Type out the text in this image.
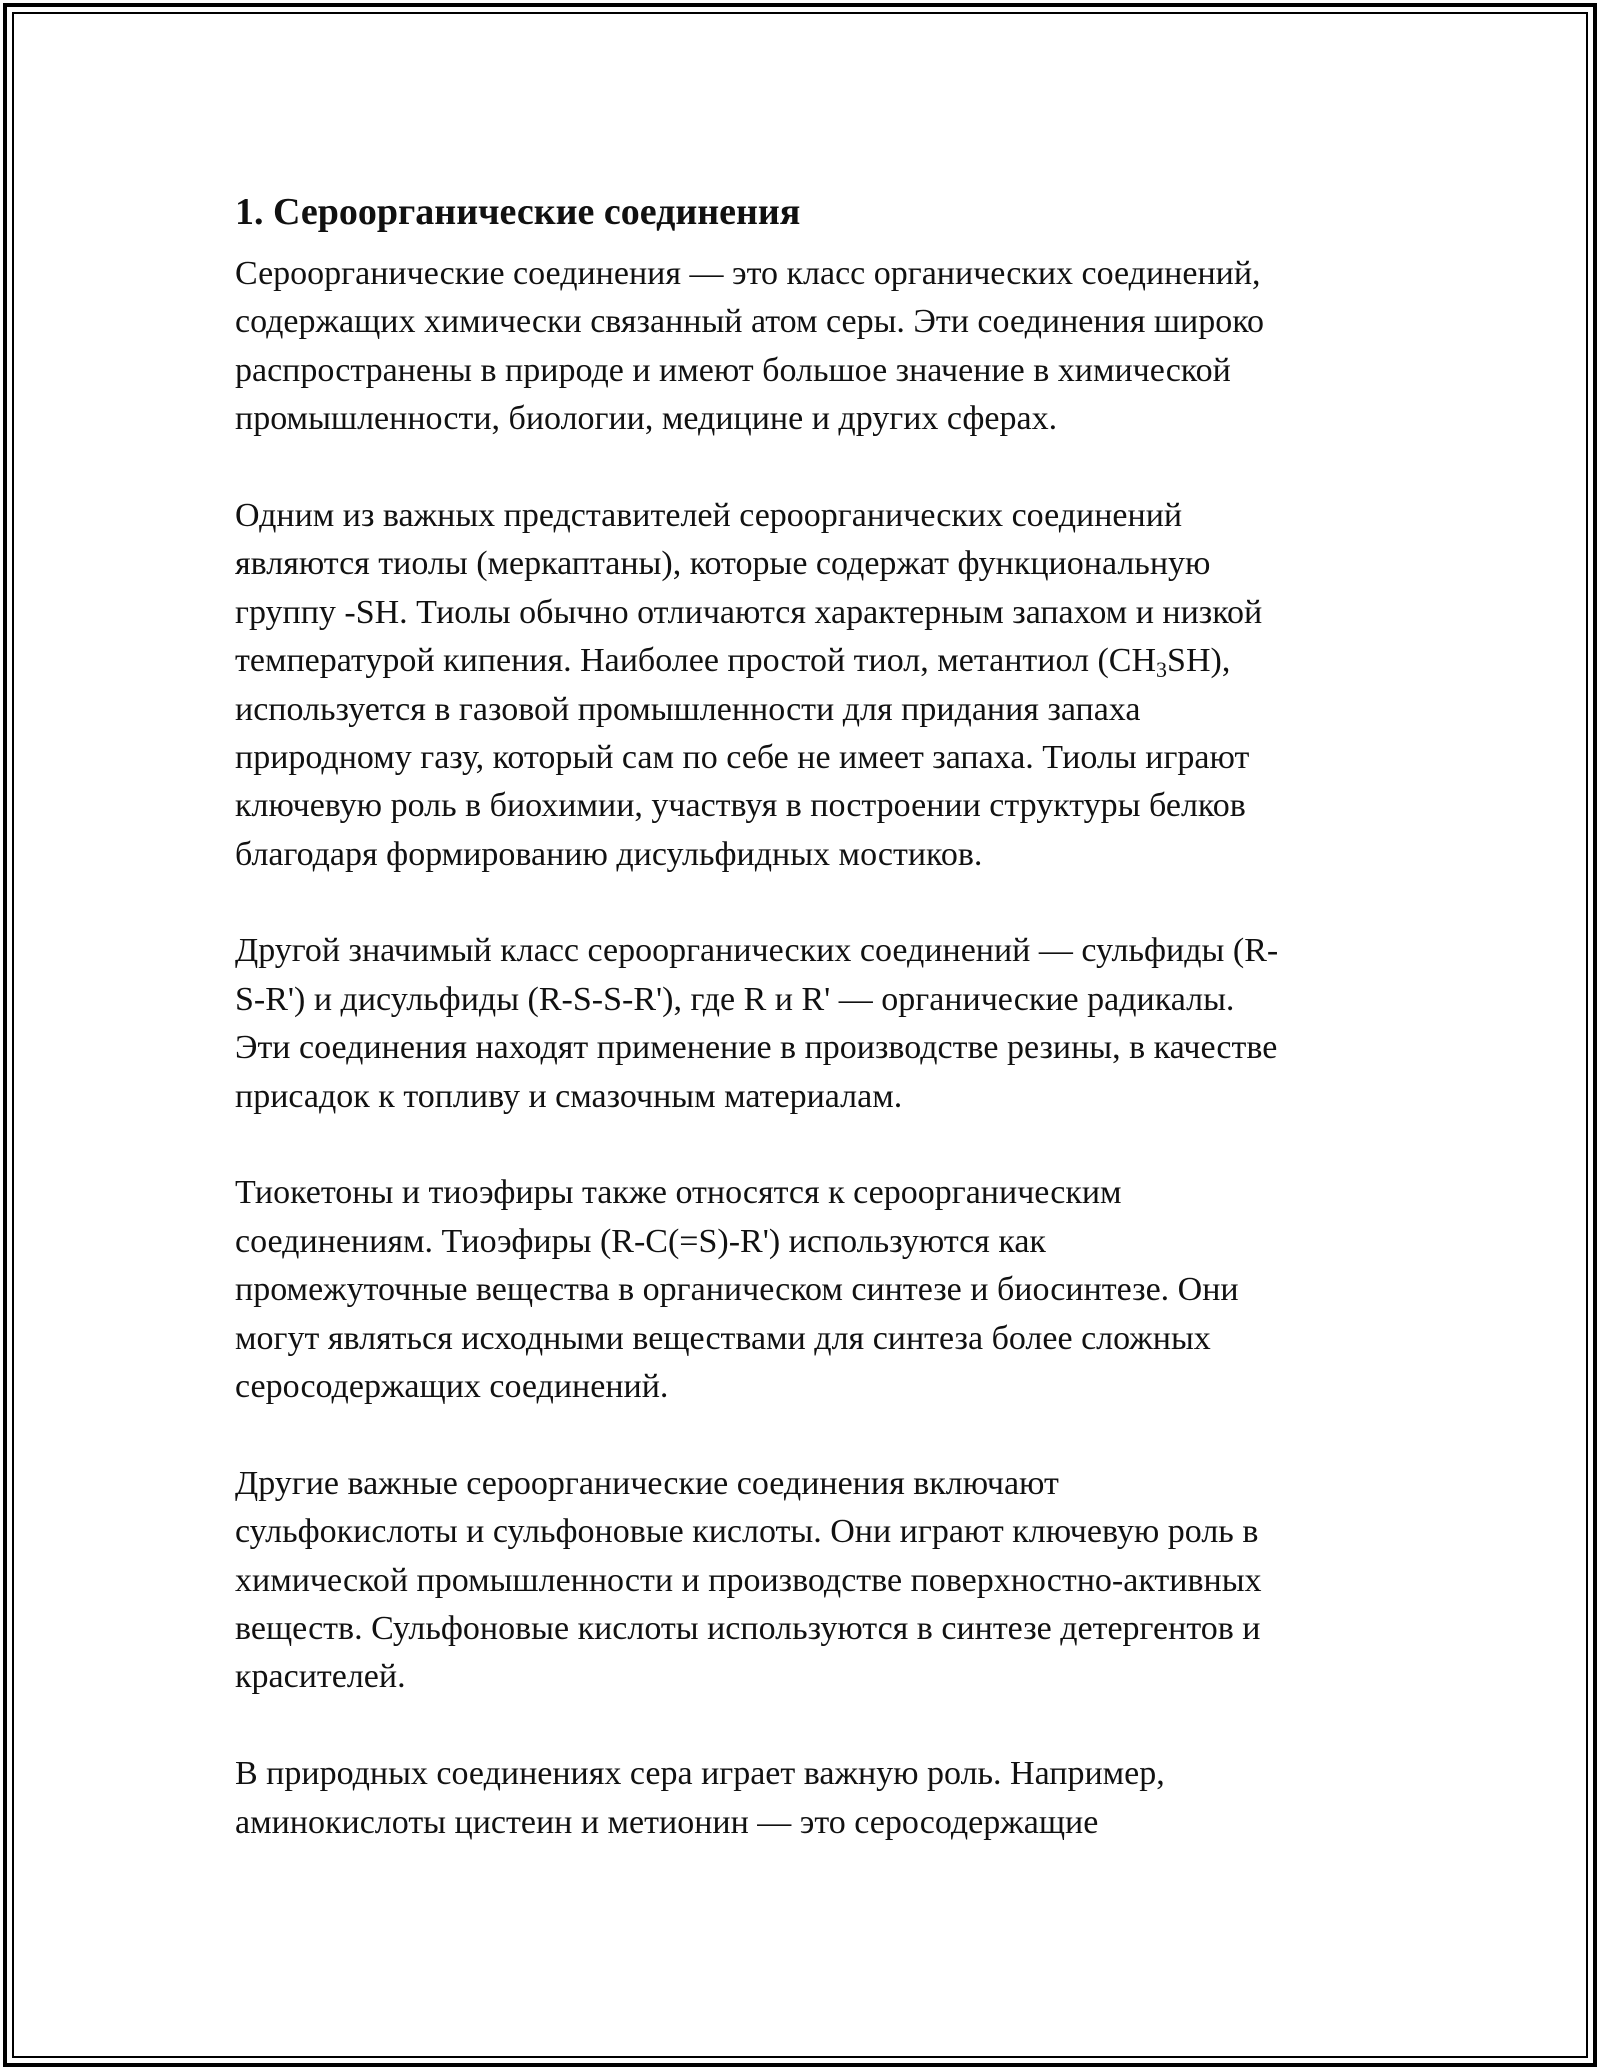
1. Сероорганические соединения
Сероорганические соединения — это класс органических соединений,
содержащих химически связанный атом серы. Эти соединения широко
распространены в природе и имеют большое значение в химической
промышленности, биологии, медицине и других сферах.
Одним из важных представителей сероорганических соединений
являются тиолы (меркаптаны), которые содержат функциональную
группу -SH. Тиолы обычно отличаются характерным запахом и низкой
температурой кипения. Наиболее простой тиол, метантиол $(CH_3SH)$,
используется в газовой промышленности для придания запаха
природному газу, который сам по себе не имеет запаха. Тиолы играют
ключевую роль в биохимии, участвуя в построении структуры белков
благодаря формированию дисульфидных мостиков.
Другой значимый класс сероорганических соединений — сульфиды (R-
S-R') и дисульфиды (R-S-S-R'), где R и R' — органические радикалы.
Эти соединения находят применение в производстве резины, в качестве
присадок к топливу и смазочным материалам.
Тиокетоны и тиоэфиры также относятся к сероорганическим
соединениям. Тиоэфиры (R-C(=S)-R') используются как
промежуточные вещества в органическом синтезе и биосинтезе. Они
могут являться исходными веществами для синтеза более сложных
серосодержащих соединений.
Другие важные сероорганические соединения включают
сульфокислоты и сульфоновые кислоты. Они играют ключевую роль в
химической промышленности и производстве поверхностно-активных
веществ. Сульфоновые кислоты используются в синтезе детергентов и
красителей.
В природных соединениях сера играет важную роль. Например,
аминокислоты цистеин и метионин — это серосодержащие
